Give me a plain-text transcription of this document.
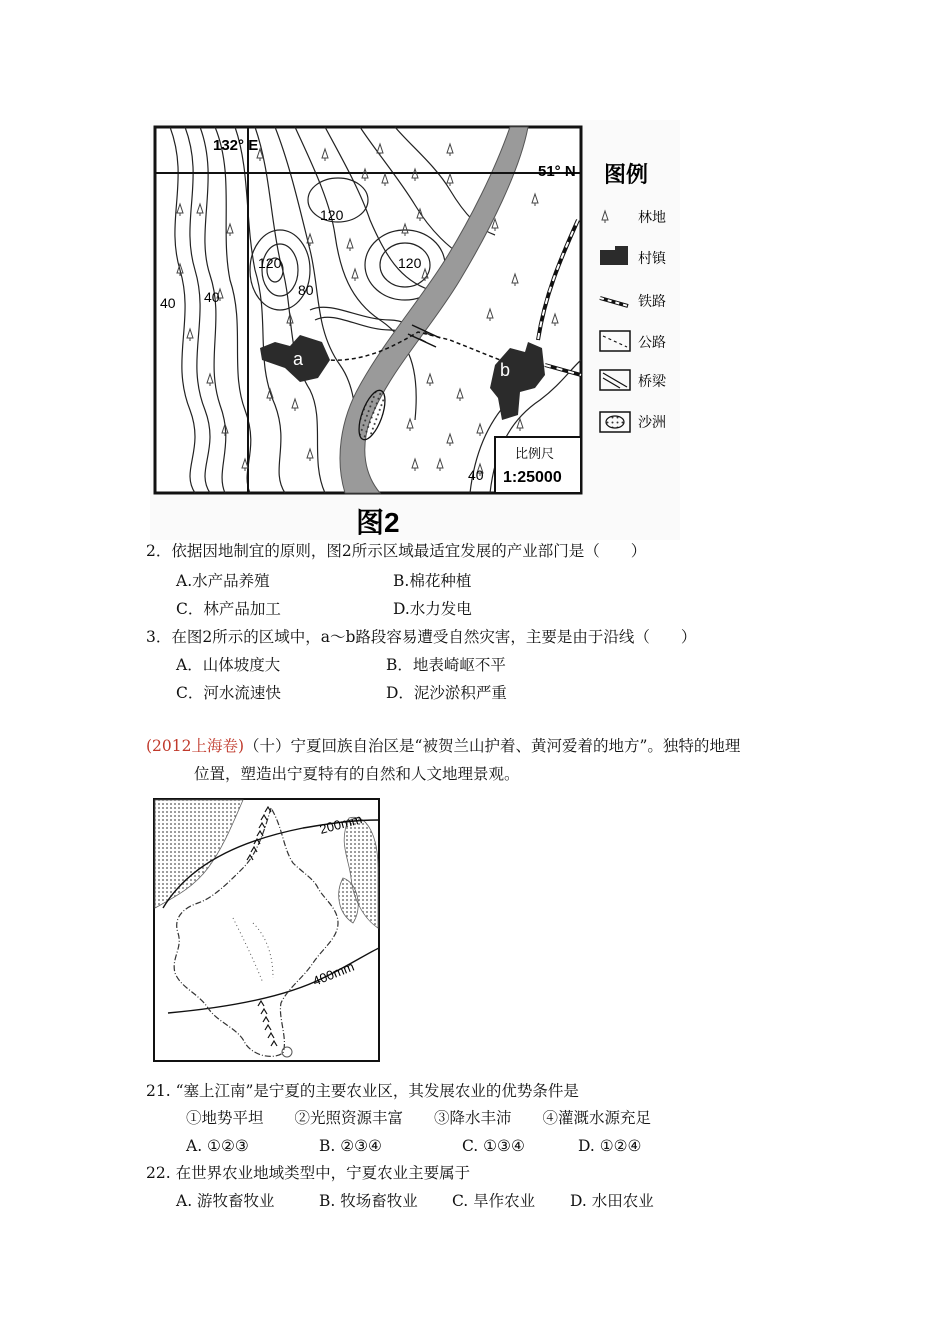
a
b
132° E
51° N
120
120	120
80
40 40
40
比例尺
1:25000
图例
林地
村镇
铁路
公路
桥梁
沙洲
图2
2．依据因地制宜的原则，图2所示区域最适宜发展的产业部门是（　　）
A.水产品养殖	B.棉花种植
C．林产品加工	D.水力发电
3．在图2所示的区域中，a～b路段容易遭受自然灾害，主要是由于沿线（　　）
A．山体坡度大	B．地表崎岖不平
C．河水流速快	D．泥沙淤积严重
(2012上海卷)（十）宁夏回族自治区是“被贺兰山护着、黄河爱着的地方”。独特的地理
位置，塑造出宁夏特有的自然和人文地理景观。
200mm
400mm
21. “塞上江南”是宁夏的主要农业区，其发展农业的优势条件是
①地势平坦　　②光照资源丰富　　③降水丰沛　　④灌溉水源充足
A. ①②③	B. ②③④	C. ①③④	D. ①②④
22. 在世界农业地域类型中，宁夏农业主要属于
A. 游牧畜牧业	B. 牧场畜牧业 C. 旱作农业 D. 水田农业
